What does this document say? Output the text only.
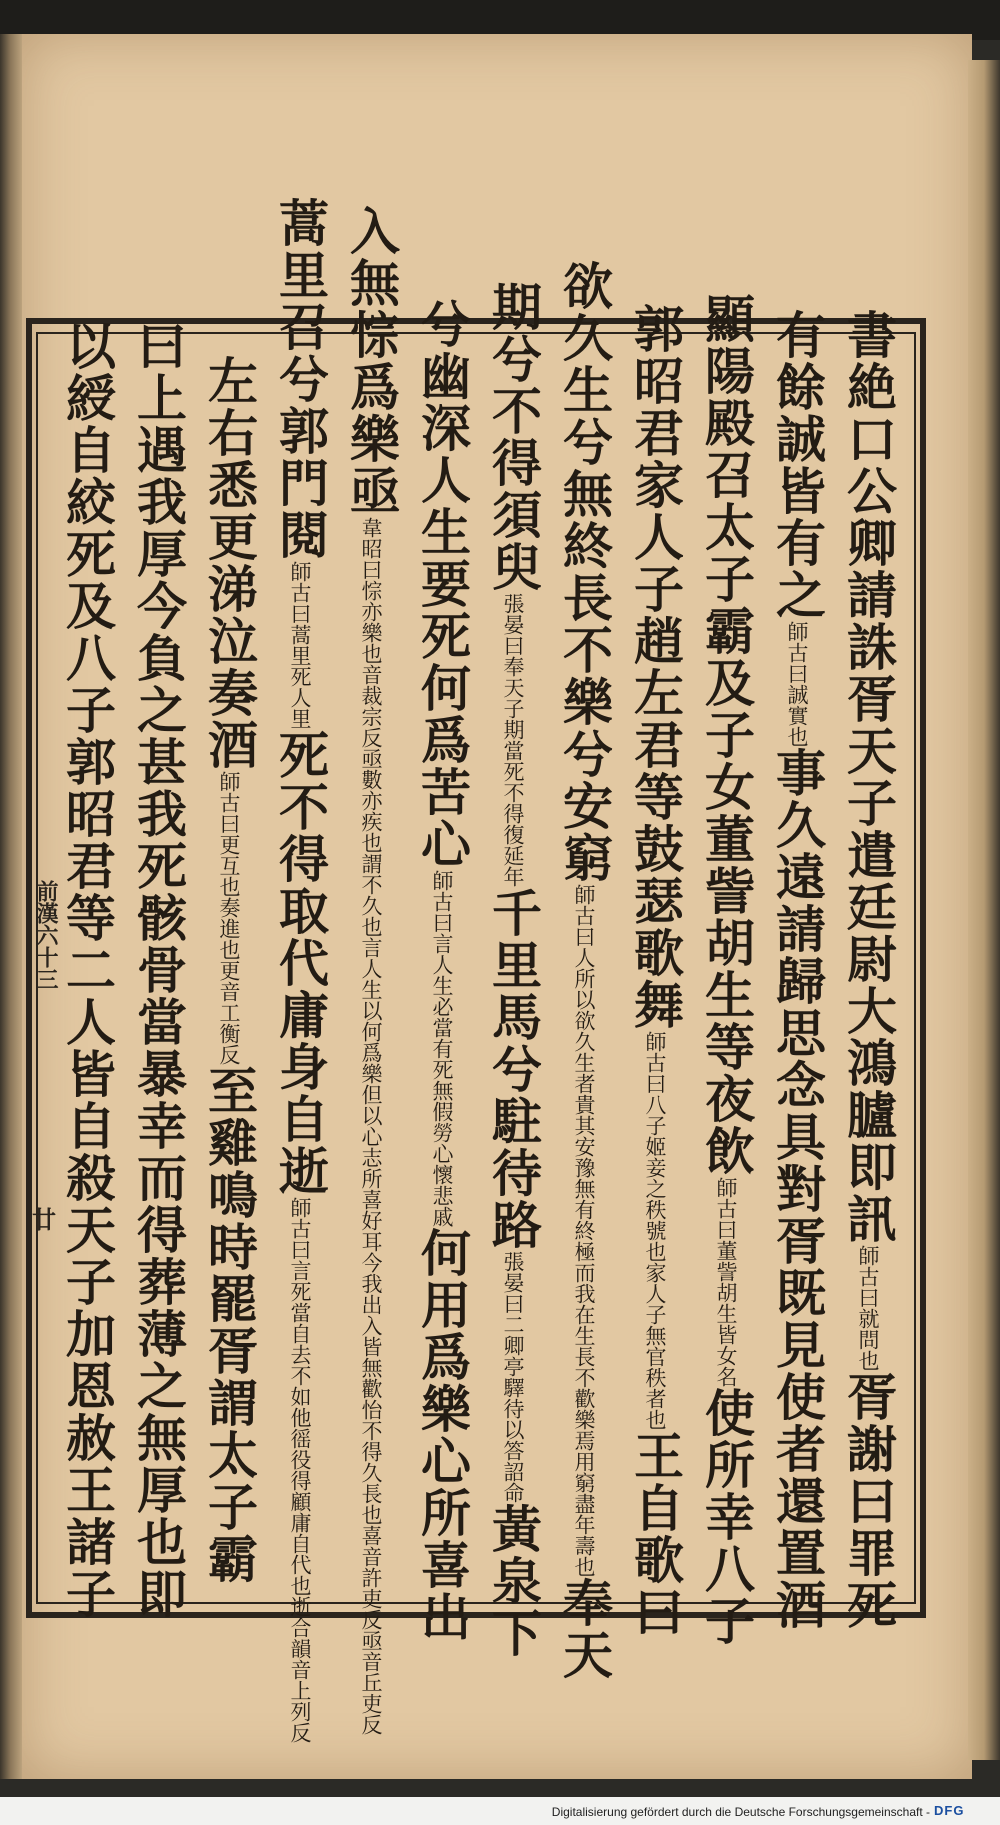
書絶口公卿請誅胥天子遣廷尉大鴻臚即訊師古曰就問也胥謝曰罪死
有餘誠皆有之師古曰誠實也事久遠請歸思念具對胥既見使者還置酒
顯陽殿召太子霸及子女董訾胡生等夜飲師古曰董訾胡生皆女名使所幸八子
郭昭君家人子趙左君等鼓瑟歌舞師古曰八子姬妾之秩號也家人子無官秩者也王自歌曰
欲久生兮無終長不樂兮安窮師古曰人所以欲久生者貴其安豫無有終極而我在生長不歡樂焉用窮盡年壽也奉天
期兮不得須臾張晏曰奉天子期當死不得復延年千里馬兮駐待路張晏曰二卿亭驛待以答詔命黃泉下
兮幽深人生要死何爲苦心師古曰言人生必當有死無假勞心懷悲戚何用爲樂心所喜出
入無悰爲樂亟韋昭曰悰亦樂也音裁宗反亟數亦疾也謂不久也言人生以何爲樂但以心志所喜好耳今我出入皆無歡怡不得久長也喜音許吏反亟音丘吏反
蒿里召兮郭門閱師古曰蒿里死人里死不得取代庸身自逝師古曰言死當自去不如他徭役得顧庸自代也逝合韻音上列反
左右悉更涕泣奏酒師古曰更互也奏進也更音工衡反至雞鳴時罷胥謂太子霸
曰上遇我厚今負之甚我死骸骨當暴幸而得葬薄之無厚也即
以綬自絞死及八子郭昭君等二人皆自殺天子加恩赦王諸子
前漢六十三
廿
Digitalisierung gefördert durch die Deutsche Forschungsgemeinschaft - DFG
